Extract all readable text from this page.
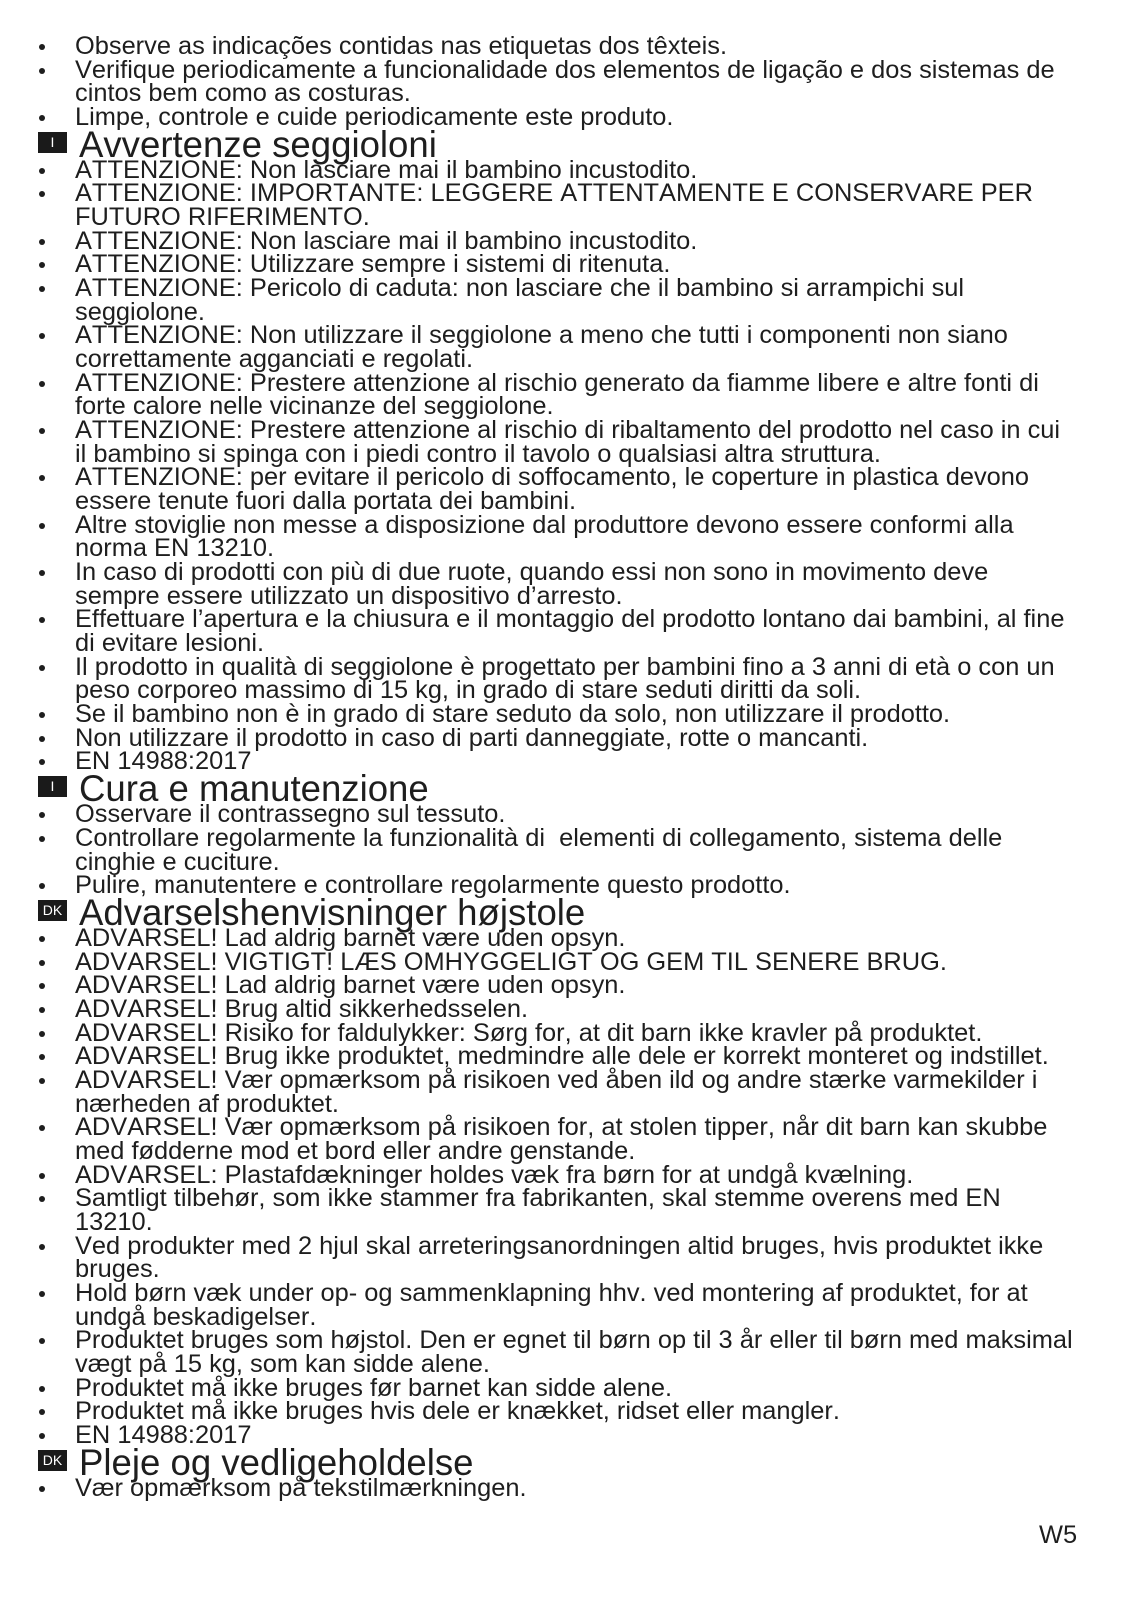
Observe as indicações contidas nas etiquetas dos têxteis.
Verifique periodicamente a funcionalidade dos elementos de ligação e dos sistemas de
cintos bem como as costuras.
Limpe, controle e cuide periodicamente este produto.
I Avvertenze seggioloni
ATTENZIONE: Non lasciare mai il bambino incustodito.
ATTENZIONE: IMPORTANTE: LEGGERE ATTENTAMENTE E CONSERVARE PER
FUTURO RIFERIMENTO.
ATTENZIONE: Non lasciare mai il bambino incustodito.
ATTENZIONE: Utilizzare sempre i sistemi di ritenuta.
ATTENZIONE: Pericolo di caduta: non lasciare che il bambino si arrampichi sul
seggiolone.
ATTENZIONE: Non utilizzare il seggiolone a meno che tutti i componenti non siano
correttamente agganciati e regolati.
ATTENZIONE: Prestere attenzione al rischio generato da fiamme libere e altre fonti di
forte calore nelle vicinanze del seggiolone.
ATTENZIONE: Prestere attenzione al rischio di ribaltamento del prodotto nel caso in cui
il bambino si spinga con i piedi contro il tavolo o qualsiasi altra struttura.
ATTENZIONE: per evitare il pericolo di soffocamento, le coperture in plastica devono
essere tenute fuori dalla portata dei bambini.
Altre stoviglie non messe a disposizione dal produttore devono essere conformi alla
norma EN 13210.
In caso di prodotti con più di due ruote, quando essi non sono in movimento deve
sempre essere utilizzato un dispositivo d’arresto.
Effettuare l’apertura e la chiusura e il montaggio del prodotto lontano dai bambini, al fine
di evitare lesioni.
Il prodotto in qualità di seggiolone è progettato per bambini fino a 3 anni di età o con un
peso corporeo massimo di 15 kg, in grado di stare seduti diritti da soli.
Se il bambino non è in grado di stare seduto da solo, non utilizzare il prodotto.
Non utilizzare il prodotto in caso di parti danneggiate, rotte o mancanti.
EN 14988:2017
I Cura e manutenzione
Osservare il contrassegno sul tessuto.
Controllare regolarmente la funzionalità di  elementi di collegamento, sistema delle
cinghie e cuciture.
Pulire, manutentere e controllare regolarmente questo prodotto.
DK Advarselshenvisninger højstole
ADVARSEL! Lad aldrig barnet være uden opsyn.
ADVARSEL! VIGTIGT! LÆS OMHYGGELIGT OG GEM TIL SENERE BRUG.
ADVARSEL! Lad aldrig barnet være uden opsyn.
ADVARSEL! Brug altid sikkerhedsselen.
ADVARSEL! Risiko for faldulykker: Sørg for, at dit barn ikke kravler på produktet.
ADVARSEL! Brug ikke produktet, medmindre alle dele er korrekt monteret og indstillet.
ADVARSEL! Vær opmærksom på risikoen ved åben ild og andre stærke varmekilder i
nærheden af produktet.
ADVARSEL! Vær opmærksom på risikoen for, at stolen tipper, når dit barn kan skubbe
med fødderne mod et bord eller andre genstande.
ADVARSEL: Plastafdækninger holdes væk fra børn for at undgå kvælning.
Samtligt tilbehør, som ikke stammer fra fabrikanten, skal stemme overens med EN
13210.
Ved produkter med 2 hjul skal arreteringsanordningen altid bruges, hvis produktet ikke
bruges.
Hold børn væk under op- og sammenklapning hhv. ved montering af produktet, for at
undgå beskadigelser.
Produktet bruges som højstol. Den er egnet til børn op til 3 år eller til børn med maksimal
vægt på 15 kg, som kan sidde alene.
Produktet må ikke bruges før barnet kan sidde alene.
Produktet må ikke bruges hvis dele er knækket, ridset eller mangler.
EN 14988:2017
DK Pleje og vedligeholdelse
Vær opmærksom på tekstilmærkningen.
W5
